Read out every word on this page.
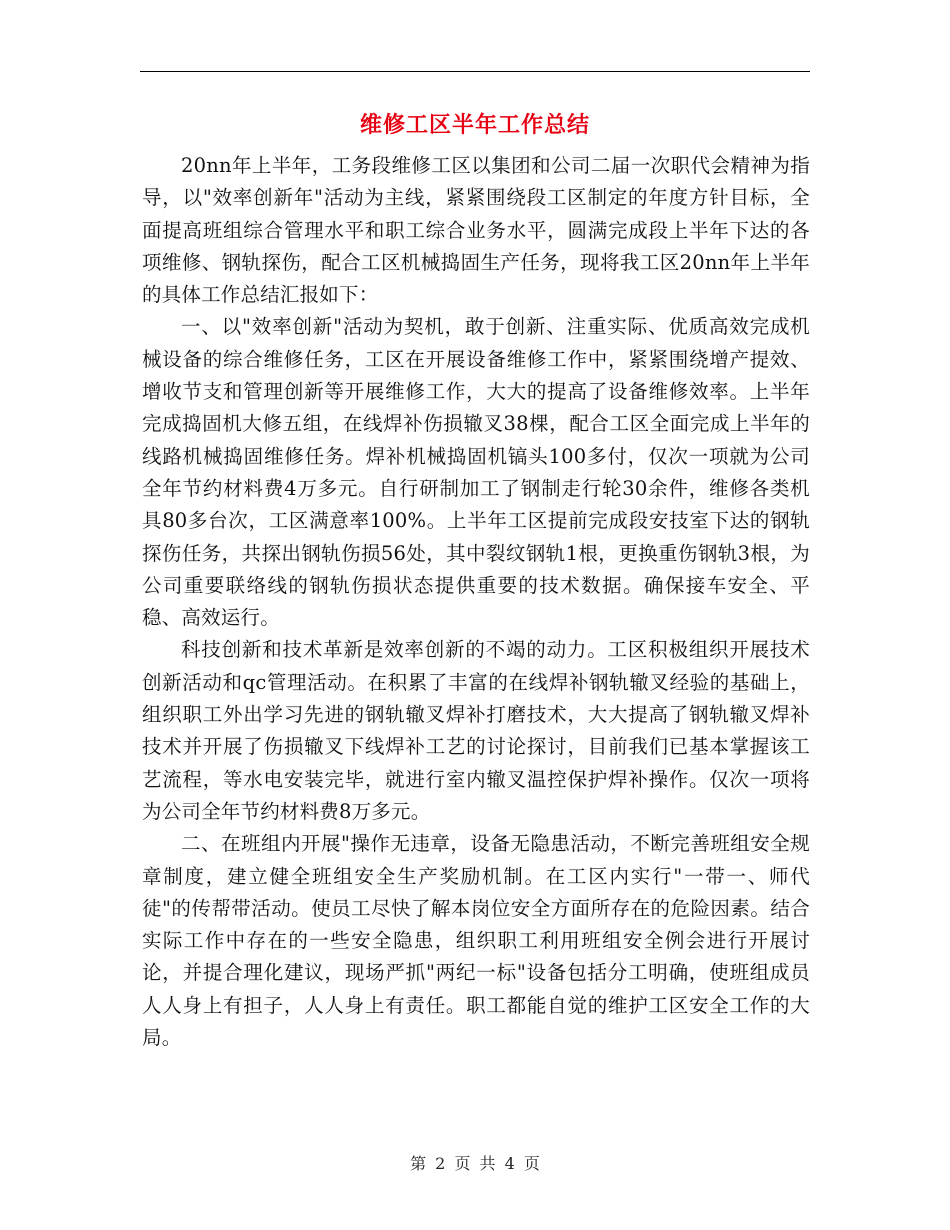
维修工区半年工作总结

20nn年上半年，工务段维修工区以集团和公司二届一次职代会精神为指导，以"效率创新年"活动为主线，紧紧围绕段工区制定的年度方针目标，全面提高班组综合管理水平和职工综合业务水平，圆满完成段上半年下达的各项维修、钢轨探伤，配合工区机械捣固生产任务，现将我工区20nn年上半年的具体工作总结汇报如下：

一、以"效率创新"活动为契机，敢于创新、注重实际、优质高效完成机械设备的综合维修任务，工区在开展设备维修工作中，紧紧围绕增产提效、增收节支和管理创新等开展维修工作，大大的提高了设备维修效率。上半年完成捣固机大修五组，在线焊补伤损辙叉38棵，配合工区全面完成上半年的线路机械捣固维修任务。焊补机械捣固机镐头100多付，仅次一项就为公司全年节约材料费4万多元。自行研制加工了钢制走行轮30余件，维修各类机具80多台次，工区满意率100%。上半年工区提前完成段安技室下达的钢轨探伤任务，共探出钢轨伤损56处，其中裂纹钢轨1根，更换重伤钢轨3根，为公司重要联络线的钢轨伤损状态提供重要的技术数据。确保接车安全、平稳、高效运行。

科技创新和技术革新是效率创新的不竭的动力。工区积极组织开展技术创新活动和qc管理活动。在积累了丰富的在线焊补钢轨辙叉经验的基础上，组织职工外出学习先进的钢轨辙叉焊补打磨技术，大大提高了钢轨辙叉焊补技术并开展了伤损辙叉下线焊补工艺的讨论探讨，目前我们已基本掌握该工艺流程，等水电安装完毕，就进行室内辙叉温控保护焊补操作。仅次一项将为公司全年节约材料费8万多元。

二、在班组内开展"操作无违章，设备无隐患活动，不断完善班组安全规章制度，建立健全班组安全生产奖励机制。在工区内实行"一带一、师代徒"的传帮带活动。使员工尽快了解本岗位安全方面所存在的危险因素。结合实际工作中存在的一些安全隐患，组织职工利用班组安全例会进行开展讨论，并提合理化建议，现场严抓"两纪一标"设备包括分工明确，使班组成员人人身上有担子，人人身上有责任。职工都能自觉的维护工区安全工作的大局。

第 2 页 共 4 页
